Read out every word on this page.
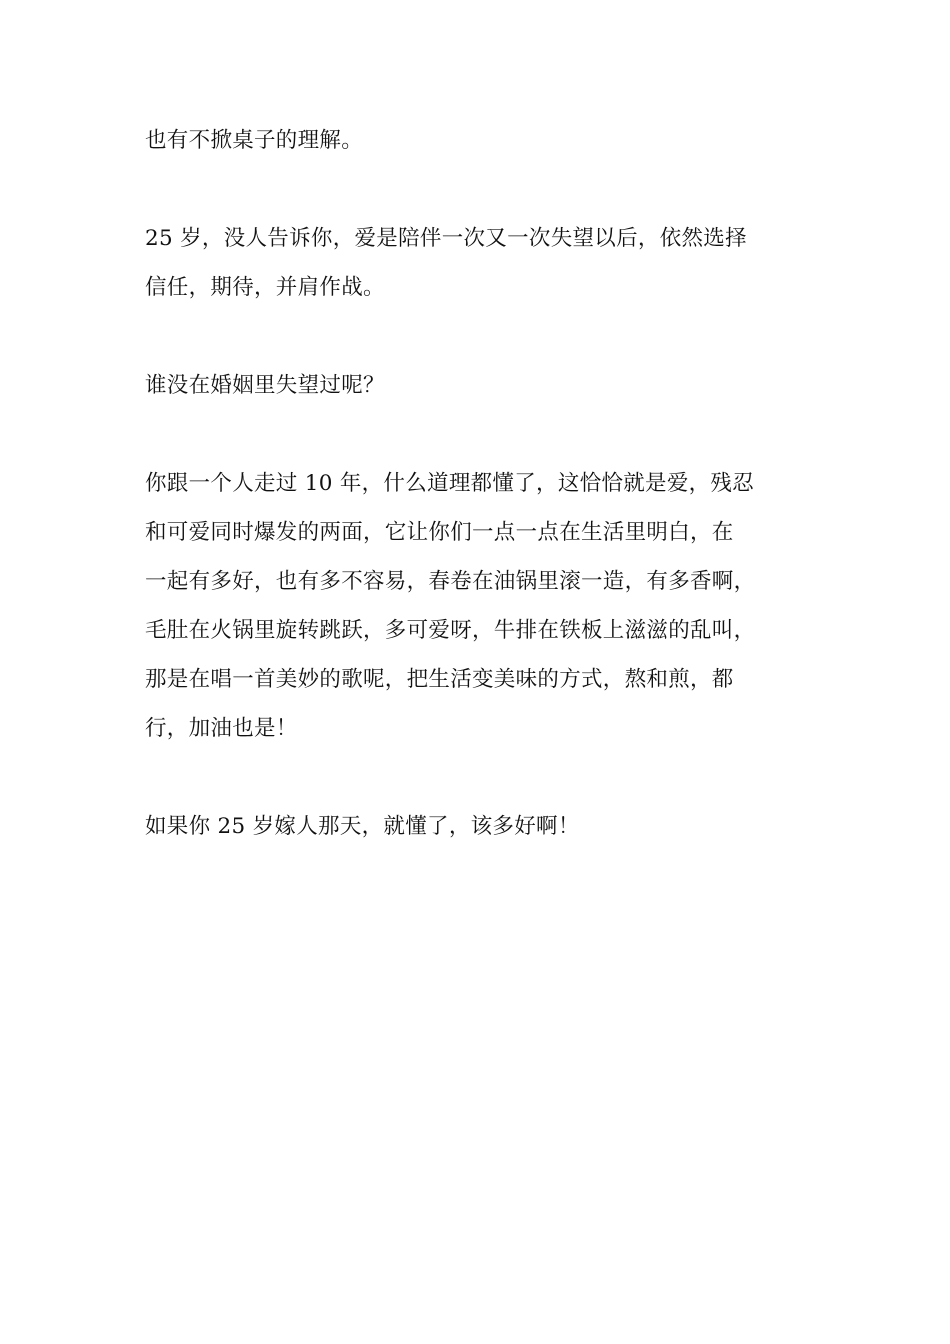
也有不掀桌子的理解。

25 岁，没人告诉你，爱是陪伴一次又一次失望以后，依然选择
信任，期待，并肩作战。

谁没在婚姻里失望过呢？

你跟一个人走过 10 年，什么道理都懂了，这恰恰就是爱，残忍
和可爱同时爆发的两面，它让你们一点一点在生活里明白，在
一起有多好，也有多不容易，春卷在油锅里滚一造，有多香啊，
毛肚在火锅里旋转跳跃，多可爱呀，牛排在铁板上滋滋的乱叫，
那是在唱一首美妙的歌呢，把生活变美味的方式，熬和煎，都
行，加油也是！

如果你 25 岁嫁人那天，就懂了，该多好啊！
